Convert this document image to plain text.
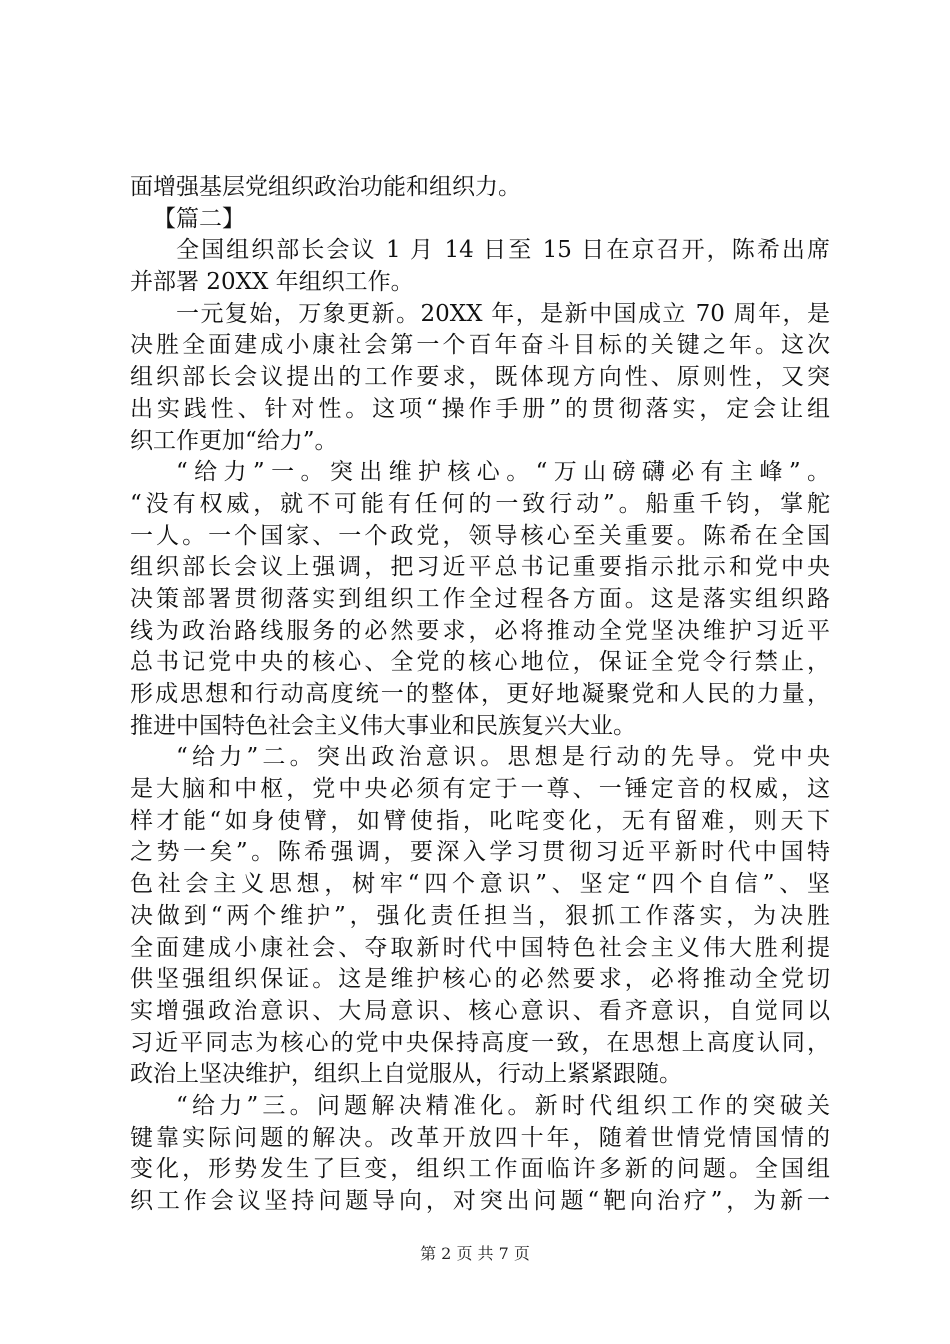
面增强基层党组织政治功能和组织力。
【篇二】
全国组织部长会议 1 月 14 日至 15 日在京召开，陈希出席
并部署 20XX 年组织工作。
一元复始，万象更新。20XX 年，是新中国成立 70 周年，是
决胜全面建成小康社会第一个百年奋斗目标的关键之年。这次
组织部长会议提出的工作要求，既体现方向性、原则性，又突
出实践性、针对性。这项“操作手册”的贯彻落实，定会让组
织工作更加“给力”。
“给力”一。突出维护核心。“万山磅礴必有主峰”。
“没有权威，就不可能有任何的一致行动”。船重千钧，掌舵
一人。一个国家、一个政党，领导核心至关重要。陈希在全国
组织部长会议上强调，把习近平总书记重要指示批示和党中央
决策部署贯彻落实到组织工作全过程各方面。这是落实组织路
线为政治路线服务的必然要求，必将推动全党坚决维护习近平
总书记党中央的核心、全党的核心地位，保证全党令行禁止，
形成思想和行动高度统一的整体，更好地凝聚党和人民的力量，
推进中国特色社会主义伟大事业和民族复兴大业。
“给力”二。突出政治意识。思想是行动的先导。党中央
是大脑和中枢，党中央必须有定于一尊、一锤定音的权威，这
样才能“如身使臂，如臂使指，叱咤变化，无有留难，则天下
之势一矣”。陈希强调，要深入学习贯彻习近平新时代中国特
色社会主义思想，树牢“四个意识”、坚定“四个自信”、坚
决做到“两个维护”，强化责任担当，狠抓工作落实，为决胜
全面建成小康社会、夺取新时代中国特色社会主义伟大胜利提
供坚强组织保证。这是维护核心的必然要求，必将推动全党切
实增强政治意识、大局意识、核心意识、看齐意识，自觉同以
习近平同志为核心的党中央保持高度一致，在思想上高度认同，
政治上坚决维护，组织上自觉服从，行动上紧紧跟随。
“给力”三。问题解决精准化。新时代组织工作的突破关
键靠实际问题的解决。改革开放四十年，随着世情党情国情的
变化，形势发生了巨变，组织工作面临许多新的问题。全国组
织工作会议坚持问题导向，对突出问题“靶向治疗”，为新一
第 2 页 共 7 页
